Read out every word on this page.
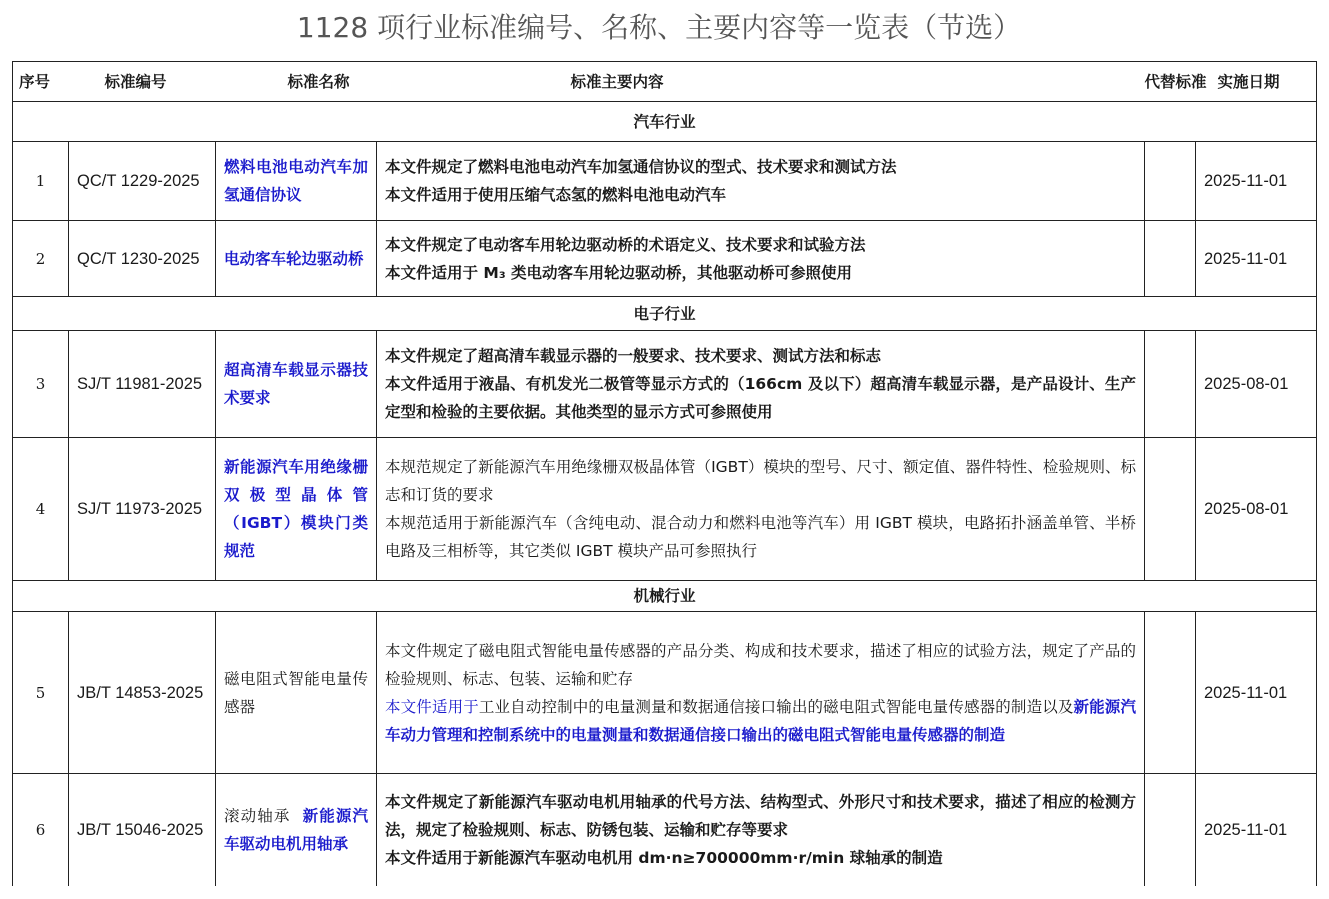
1128 项行业标准编号、名称、主要内容等一览表（节选）
序号	标准编号	标准名称	标准主要内容	代替标准	实施日期
汽车行业					
1	QC/T 1229-2025	燃料电池电动汽车加氢通信协议	本文件规定了燃料电池电动汽车加氢通信协议的型式、技术要求和测试方法

本文件适用于使用压缩气态氢的燃料电池电动汽车		2025-11-01
2	QC/T 1230-2025	电动客车轮边驱动桥	本文件规定了电动客车用轮边驱动桥的术语定义、技术要求和试验方法

本文件适用于 M₃ 类电动客车用轮边驱动桥，其他驱动桥可参照使用		2025-11-01
电子行业					
3	SJ/T 11981-2025	超高清车载显示器技术要求	本文件规定了超高清车载显示器的一般要求、技术要求、测试方法和标志

本文件适用于液晶、有机发光二极管等显示方式的（166cm 及以下）超高清车载显示器，是产品设计、生产定型和检验的主要依据。其他类型的显示方式可参照使用		2025-08-01
4	SJ/T 11973-2025	新能源汽车用绝缘栅双极型晶体管（IGBT）模块门类规范	本规范规定了新能源汽车用绝缘栅双极晶体管（IGBT）模块的型号、尺寸、额定值、器件特性、检验规则、标志和订货的要求

本规范适用于新能源汽车（含纯电动、混合动力和燃料电池等汽车）用 IGBT 模块，电路拓扑涵盖单管、半桥电路及三相桥等，其它类似 IGBT 模块产品可参照执行		2025-08-01
机械行业					
5	JB/T 14853-2025	磁电阻式智能电量传感器	本文件规定了磁电阻式智能电量传感器的产品分类、构成和技术要求，描述了相应的试验方法，规定了产品的检验规则、标志、包装、运输和贮存

本文件适用于工业自动控制中的电量测量和数据通信接口输出的磁电阻式智能电量传感器的制造以及新能源汽车动力管理和控制系统中的电量测量和数据通信接口输出的磁电阻式智能电量传感器的制造		2025-11-01
6	JB/T 15046-2025	滚动轴承 新能源汽车驱动电机用轴承	本文件规定了新能源汽车驱动电机用轴承的代号方法、结构型式、外形尺寸和技术要求，描述了相应的检测方法，规定了检验规则、标志、防锈包装、运输和贮存等要求

本文件适用于新能源汽车驱动电机用 dm·n≥700000mm·r/min 球轴承的制造		2025-11-01
